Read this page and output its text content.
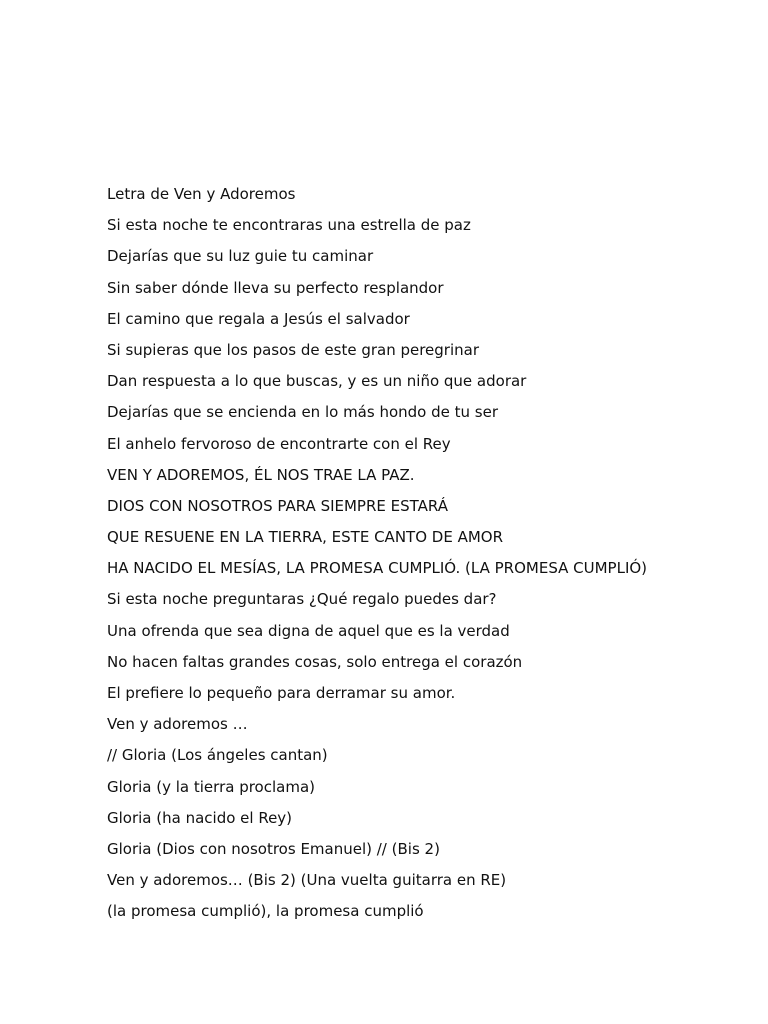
Letra de Ven y Adoremos
Si esta noche te encontraras una estrella de paz
Dejarías que su luz guie tu caminar
Sin saber dónde lleva su perfecto resplandor
El camino que regala a Jesús el salvador
Si supieras que los pasos de este gran peregrinar
Dan respuesta a lo que buscas, y es un niño que adorar
Dejarías que se encienda en lo más hondo de tu ser
El anhelo fervoroso de encontrarte con el Rey
VEN Y ADOREMOS, ÉL NOS TRAE LA PAZ.
DIOS CON NOSOTROS PARA SIEMPRE ESTARÁ
QUE RESUENE EN LA TIERRA, ESTE CANTO DE AMOR
HA NACIDO EL MESÍAS, LA PROMESA CUMPLIÓ. (LA PROMESA CUMPLIÓ)
Si esta noche preguntaras ¿Qué regalo puedes dar?
Una ofrenda que sea digna de aquel que es la verdad
No hacen faltas grandes cosas, solo entrega el corazón
El prefiere lo pequeño para derramar su amor.
Ven y adoremos …
// Gloria (Los ángeles cantan)
Gloria (y la tierra proclama)
Gloria (ha nacido el Rey)
Gloria (Dios con nosotros Emanuel) // (Bis 2)
Ven y adoremos… (Bis 2) (Una vuelta guitarra en RE)
(la promesa cumplió), la promesa cumplió
